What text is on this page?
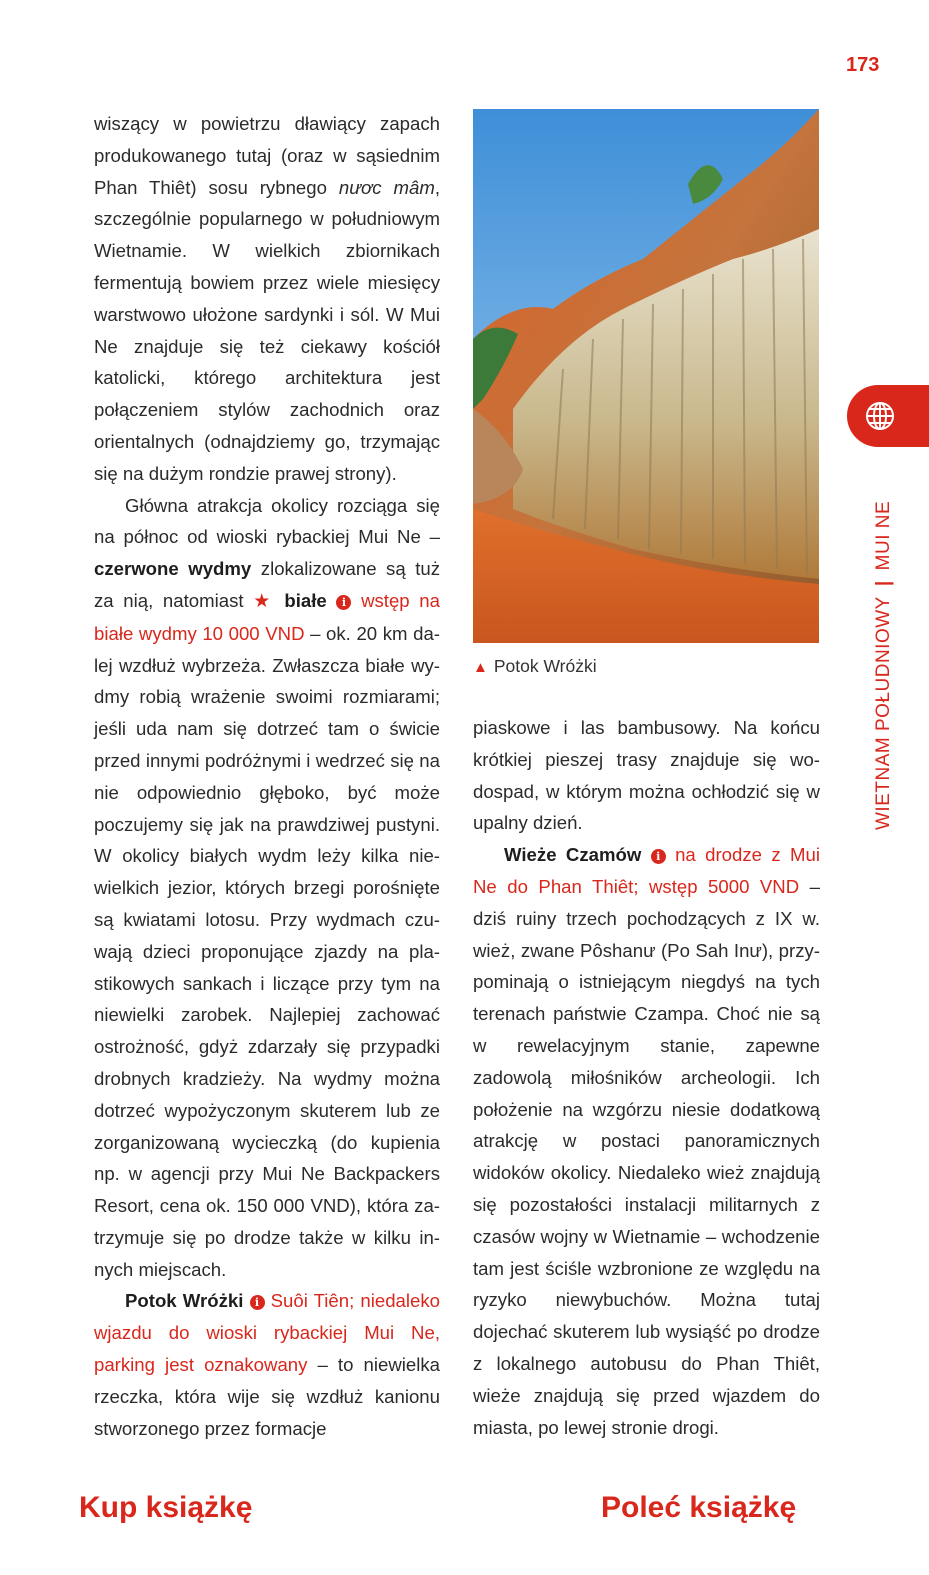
173

wiszący w powietrzu dławiący zapach produkowanego tutaj (oraz w sąsiednim Phan Thiêt) sosu rybnego nươc mâm, szczególnie popularnego w południowym Wietnamie. W wielkich zbiornikach fermentują bowiem przez wiele miesięcy warstwowo ułożone sardynki i sól. W Mui Ne znajduje się też ciekawy kościół katolicki, którego architektura jest połączeniem stylów zachodnich oraz orientalnych (odnajdziemy go, trzymając się na dużym rondzie prawej strony).

Główna atrakcja okolicy rozciąga się na północ od wioski rybackiej Mui Ne – czerwone wydmy zlokalizowane są tuż za nią, natomiast ★ białe i wstęp na białe wydmy 10 000 VND – ok. 20 km dalej wzdłuż wybrzeża. Zwłaszcza białe wydmy robią wrażenie swoimi rozmiarami; jeśli uda nam się dotrzeć tam o świcie przed innymi podróżnymi i wedrzeć się na nie odpowiednio głęboko, być może poczujemy się jak na prawdziwej pustyni. W okolicy białych wydm leży kilka niewielkich jezior, których brzegi porośnięte są kwiatami lotosu. Przy wydmach czuwają dzieci proponujące zjazdy na plastikowych sankach i liczące przy tym na niewielki zarobek. Najlepiej zachować ostrożność, gdyż zdarzały się przypadki drobnych kradzieży. Na wydmy można dotrzeć wypożyczonym skuterem lub ze zorganizowaną wycieczką (do kupienia np. w agencji przy Mui Ne Backpackers Resort, cena ok. 150 000 VND), która zatrzymuje się po drodze także w kilku innych miejscach.

Potok Wróżki i Suôi Tiên; niedaleko wjazdu do wioski rybackiej Mui Ne, parking jest oznakowany – to niewielka rzeczka, która wije się wzdłuż kanionu stworzonego przez formacje

▲ Potok Wróżki

piaskowe i las bambusowy. Na końcu krótkiej pieszej trasy znajduje się wodospad, w którym można ochłodzić się w upalny dzień.

Wieże Czamów i na drodze z Mui Ne do Phan Thiêt; wstęp 5000 VND – dziś ruiny trzech pochodzących z IX w. wież, zwane Pôshanư (Po Sah Inư), przypominają o istniejącym niegdyś na tych terenach państwie Czampa. Choć nie są w rewelacyjnym stanie, zapewne zadowolą miłośników archeologii. Ich położenie na wzgórzu niesie dodatkową atrakcję w postaci panoramicznych widoków okolicy. Niedaleko wież znajdują się pozostałości instalacji militarnych z czasów wojny w Wietnamie – wchodzenie tam jest ściśle wzbronione ze względu na ryzyko niewybuchów. Można tutaj dojechać skuterem lub wysiąść po drodze z lokalnego autobusu do Phan Thiêt, wieże znajdują się przed wjazdem do miasta, po lewej stronie drogi.

WIETNAM POŁUDNIOWY|MUI NE
Kup książkę	Poleć książkę
